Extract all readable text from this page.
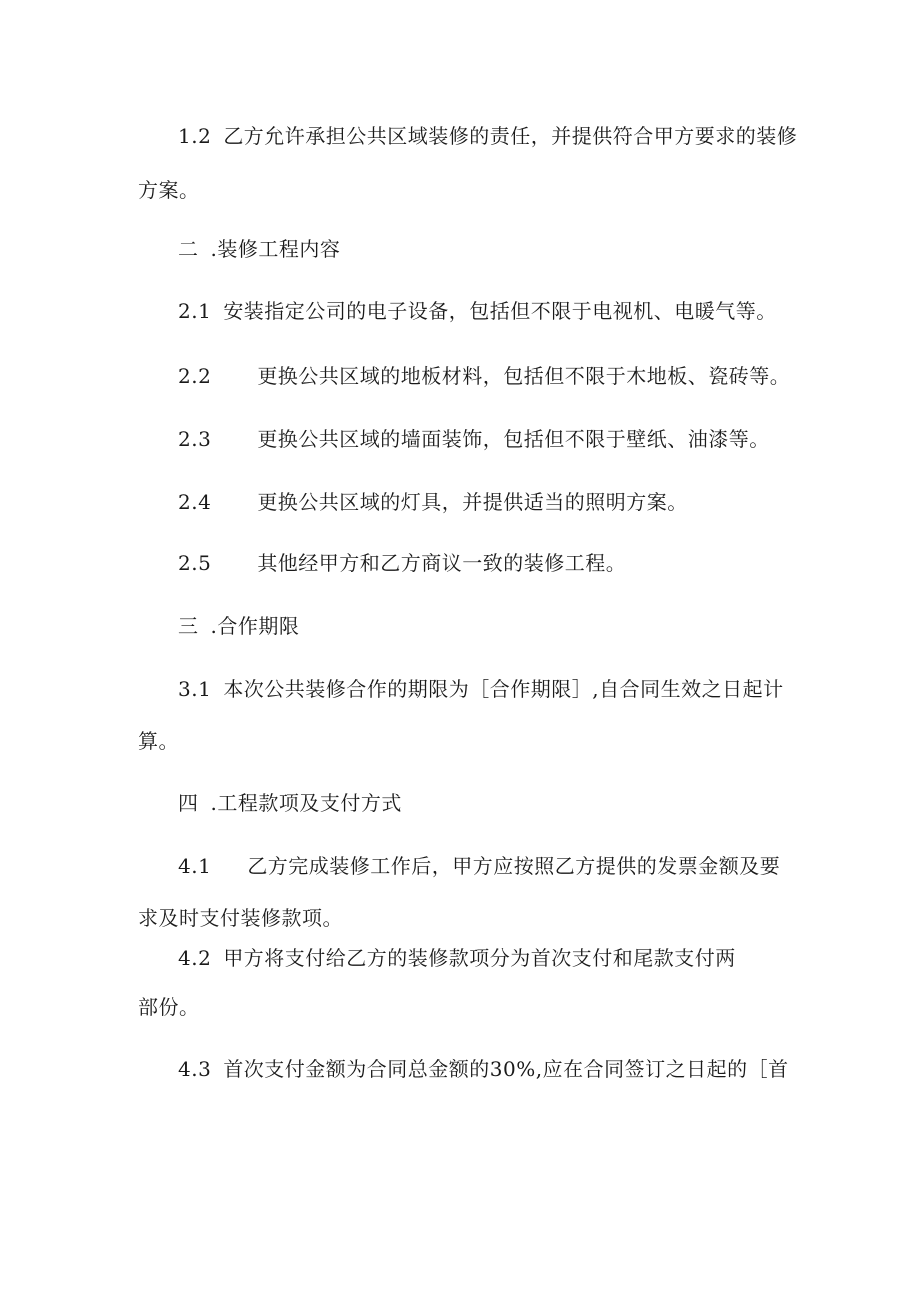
1.2 乙方允许承担公共区域装修的责任，并提供符合甲方要求的装修
方案。
二 .装修工程内容
2.1 安装指定公司的电子设备，包括但不限于电视机、电暖气等。
2.2 更换公共区域的地板材料，包括但不限于木地板、瓷砖等。
2.3 更换公共区域的墙面装饰，包括但不限于壁纸、油漆等。
2.4 更换公共区域的灯具，并提供适当的照明方案。
2.5 其他经甲方和乙方商议一致的装修工程。
三 .合作期限
3.1 本次公共装修合作的期限为［合作期限］,自合同生效之日起计
算。
四 .工程款项及支付方式
4.1 乙方完成装修工作后，甲方应按照乙方提供的发票金额及要
求及时支付装修款项。
4.2 甲方将支付给乙方的装修款项分为首次支付和尾款支付两
部份。
4.3 首次支付金额为合同总金额的30%,应在合同签订之日起的［首
